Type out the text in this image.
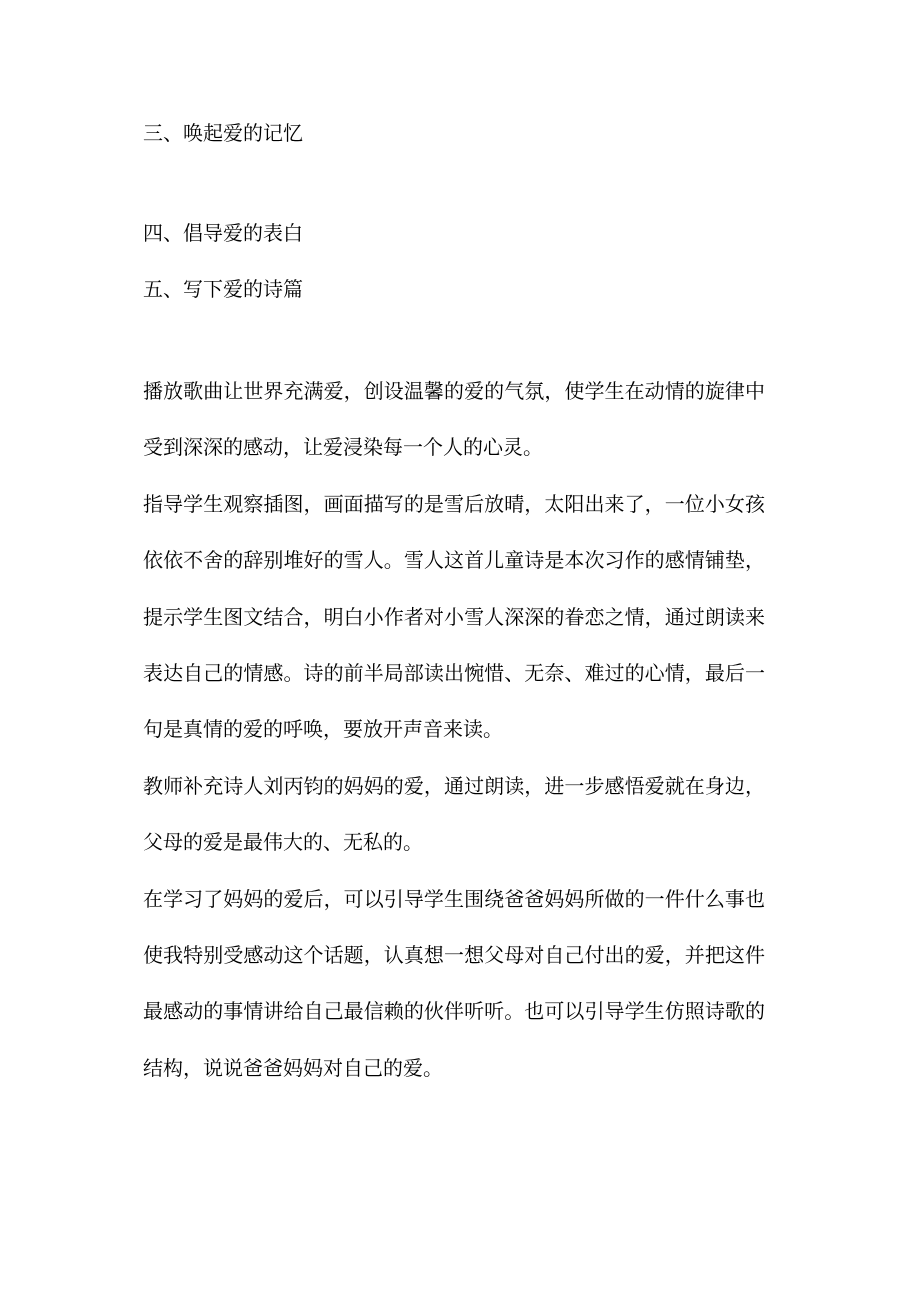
三、唤起爱的记忆

四、倡导爱的表白

五、写下爱的诗篇

播放歌曲让世界充满爱，创设温馨的爱的气氛，使学生在动情的旋律中

受到深深的感动，让爱浸染每一个人的心灵。

指导学生观察插图，画面描写的是雪后放晴，太阳出来了，一位小女孩

依依不舍的辞别堆好的雪人。雪人这首儿童诗是本次习作的感情铺垫，

提示学生图文结合，明白小作者对小雪人深深的眷恋之情，通过朗读来

表达自己的情感。诗的前半局部读出惋惜、无奈、难过的心情，最后一

句是真情的爱的呼唤，要放开声音来读。

教师补充诗人刘丙钧的妈妈的爱，通过朗读，进一步感悟爱就在身边，

父母的爱是最伟大的、无私的。

在学习了妈妈的爱后，可以引导学生围绕爸爸妈妈所做的一件什么事也

使我特别受感动这个话题，认真想一想父母对自己付出的爱，并把这件

最感动的事情讲给自己最信赖的伙伴听听。也可以引导学生仿照诗歌的

结构，说说爸爸妈妈对自己的爱。
